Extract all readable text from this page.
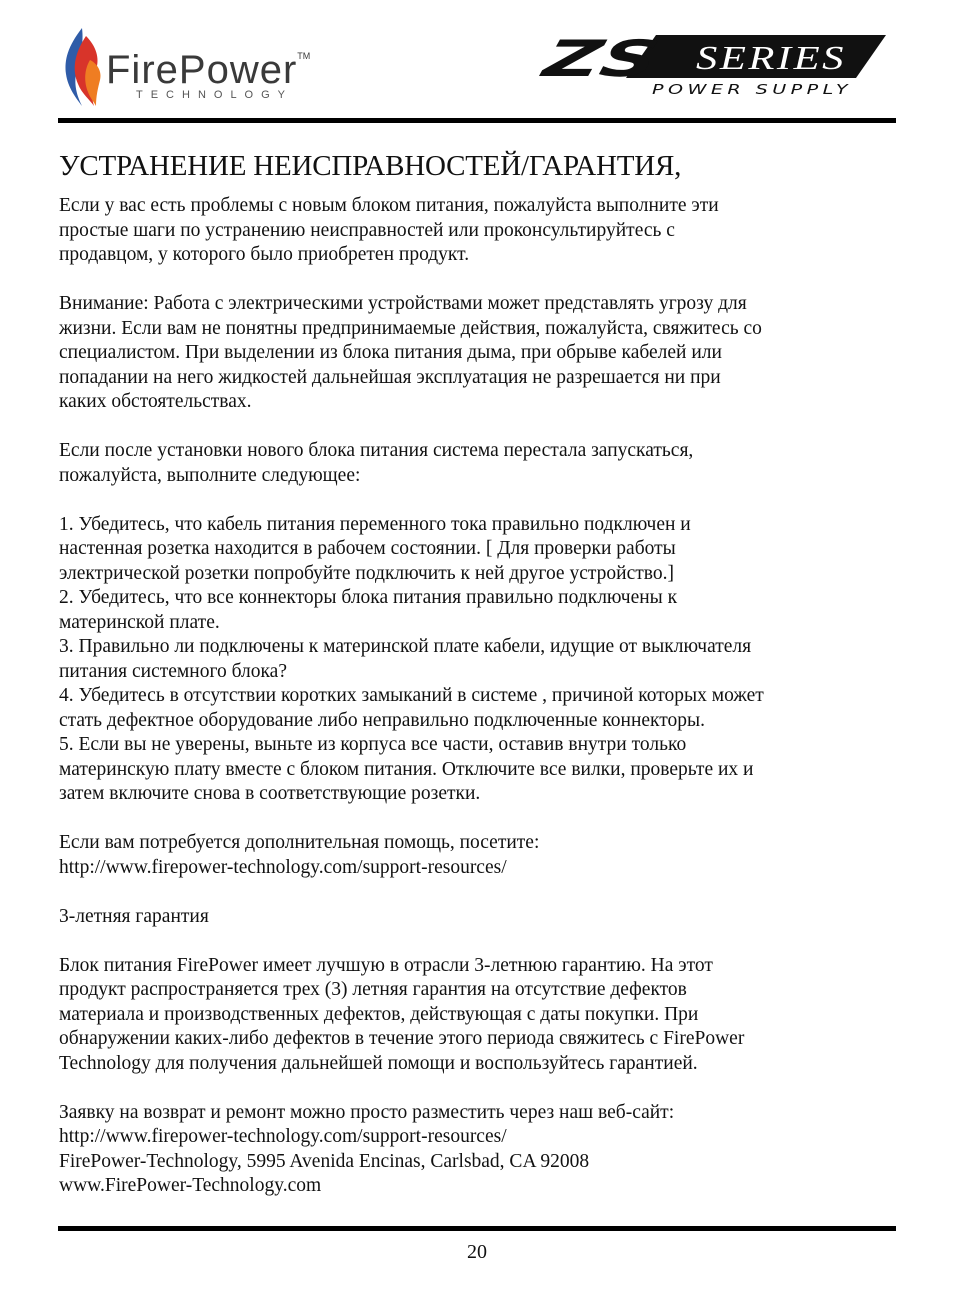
FirePower™
TECHNOLOGY
ZS	SERIES
POWER SUPPLY
УСТРАНЕНИЕ НЕИСПРАВНОСТЕЙ/ГАРАНТИЯ,
Если у вас есть проблемы с новым блоком питания, пожалуйста выполните эти
простые шаги по устранению неисправностей или проконсультируйтесь с
продавцом, у которого было приобретен продукт.
Внимание: Работа с электрическими устройствами может представлять угрозу для
жизни. Если вам не понятны предпринимаемые действия, пожалуйста, свяжитесь со
специалистом. При выделении из блока питания дыма, при обрыве кабелей или
попадании на него жидкостей дальнейшая эксплуатация не разрешается ни при
каких обстоятельствах.
Если после установки нового блока питания система перестала запускаться,
пожалуйста, выполните следующее:
1. Убедитесь, что кабель питания переменного тока правильно подключен и
настенная розетка находится в рабочем состоянии. [ Для проверки работы
электрической розетки попробуйте подключить к ней другое устройство.]
2. Убедитесь, что все коннекторы блока питания правильно подключены к
материнской плате.
3. Правильно ли подключены к материнской плате кабели, идущие от выключателя
питания системного блока?
4. Убедитесь в отсутствии коротких замыканий в системе , причиной которых может
стать дефектное оборудование либо неправильно подключенные коннекторы.
5. Если вы не уверены, выньте из корпуса все части, оставив внутри только
материнскую плату вместе с блоком питания. Отключите все вилки, проверьте их и
затем включите снова в соответствующие розетки.
Если вам потребуется дополнительная помощь, посетите:
http://www.firepower-technology.com/support-resources/
3-летняя гарантия
Блок питания FirePower имеет лучшую в отрасли 3-летнюю гарантию. На этот
продукт распространяется трех (3) летняя гарантия на отсутствие дефектов
материала и производственных дефектов, действующая с даты покупки. При
обнаружении каких-либо дефектов в течение этого периода свяжитесь с FirePower
Technology для получения дальнейшей помощи и воспользуйтесь гарантией.
Заявку на возврат и ремонт можно просто разместить через наш веб-сайт:
http://www.firepower-technology.com/support-resources/
FirePower-Technology, 5995 Avenida Encinas, Carlsbad, CA 92008
www.FirePower-Technology.com
20
